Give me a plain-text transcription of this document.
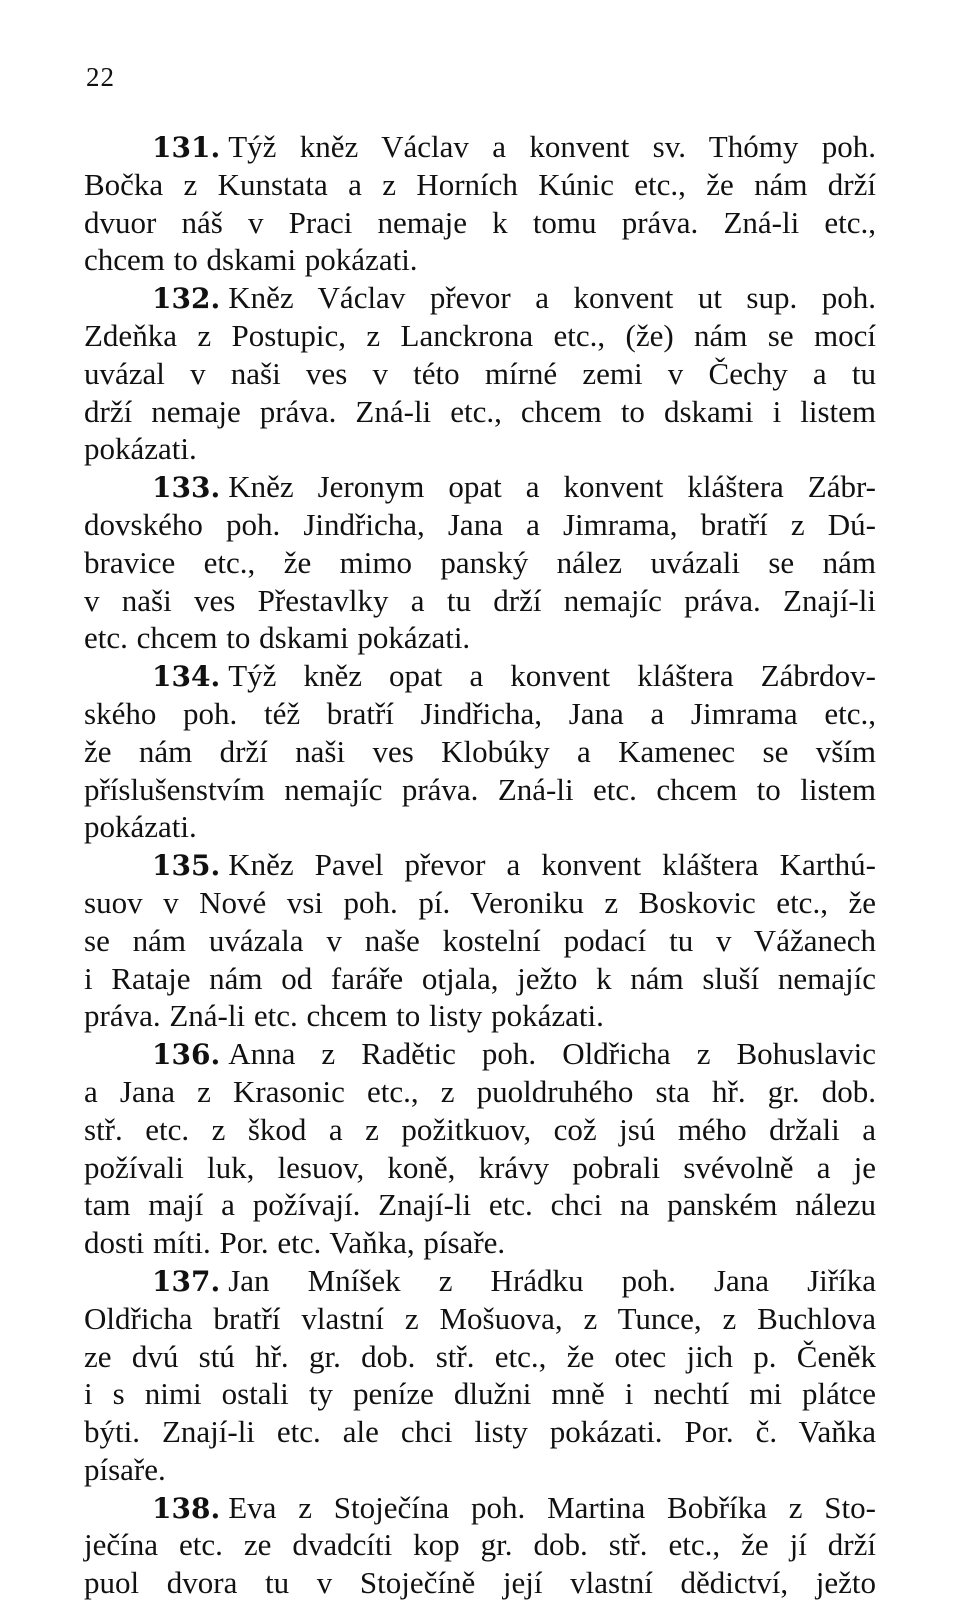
22
131. Týž kněz Václav a konvent sv. Thómy poh.
Bočka z Kunstata a z Horních Kúnic etc., že nám drží
dvuor náš v Praci nemaje k tomu práva. Zná-li etc.,
chcem to dskami pokázati.
132. Kněz Václav převor a konvent ut sup. poh.
Zdeňka z Postupic, z Lanckrona etc., (že) nám se mocí
uvázal v naši ves v této mírné zemi v Čechy a tu
drží nemaje práva. Zná-li etc., chcem to dskami i listem
pokázati.
133. Kněz Jeronym opat a konvent kláštera Zábr-
dovského poh. Jindřicha, Jana a Jimrama, bratří z Dú-
bravice etc., že mimo panský nález uvázali se nám
v naši ves Přestavlky a tu drží nemajíc práva. Znají-li
etc. chcem to dskami pokázati.
134. Týž kněz opat a konvent kláštera Zábrdov-
ského poh. též bratří Jindřicha, Jana a Jimrama etc.,
že nám drží naši ves Klobúky a Kamenec se vším
příslušenstvím nemajíc práva. Zná-li etc. chcem to listem
pokázati.
135. Kněz Pavel převor a konvent kláštera Karthú-
suov v Nové vsi poh. pí. Veroniku z Boskovic etc., že
se nám uvázala v naše kostelní podací tu v Vážanech
i Rataje nám od faráře otjala, ježto k nám sluší nemajíc
práva. Zná-li etc. chcem to listy pokázati.
136. Anna z Radětic poh. Oldřicha z Bohuslavic
a Jana z Krasonic etc., z puoldruhého sta hř. gr. dob.
stř. etc. z škod a z požitkuov, což jsú mého držali a
požívali luk, lesuov, koně, krávy pobrali svévolně a je
tam mají a požívají. Znají-li etc. chci na panském nálezu
dosti míti. Por. etc. Vaňka, písaře.
137. Jan Mníšek z Hrádku poh. Jana Jiříka
Oldřicha bratří vlastní z Mošuova, z Tunce, z Buchlova
ze dvú stú hř. gr. dob. stř. etc., že otec jich p. Čeněk
i s nimi ostali ty peníze dlužni mně i nechtí mi plátce
býti. Znají-li etc. ale chci listy pokázati. Por. č. Vaňka
písaře.
138. Eva z Stoječína poh. Martina Bobříka z Sto-
ječína etc. ze dvadcíti kop gr. dob. stř. etc., že jí drží
puol dvora tu v Stoječíně její vlastní dědictví, ježto
